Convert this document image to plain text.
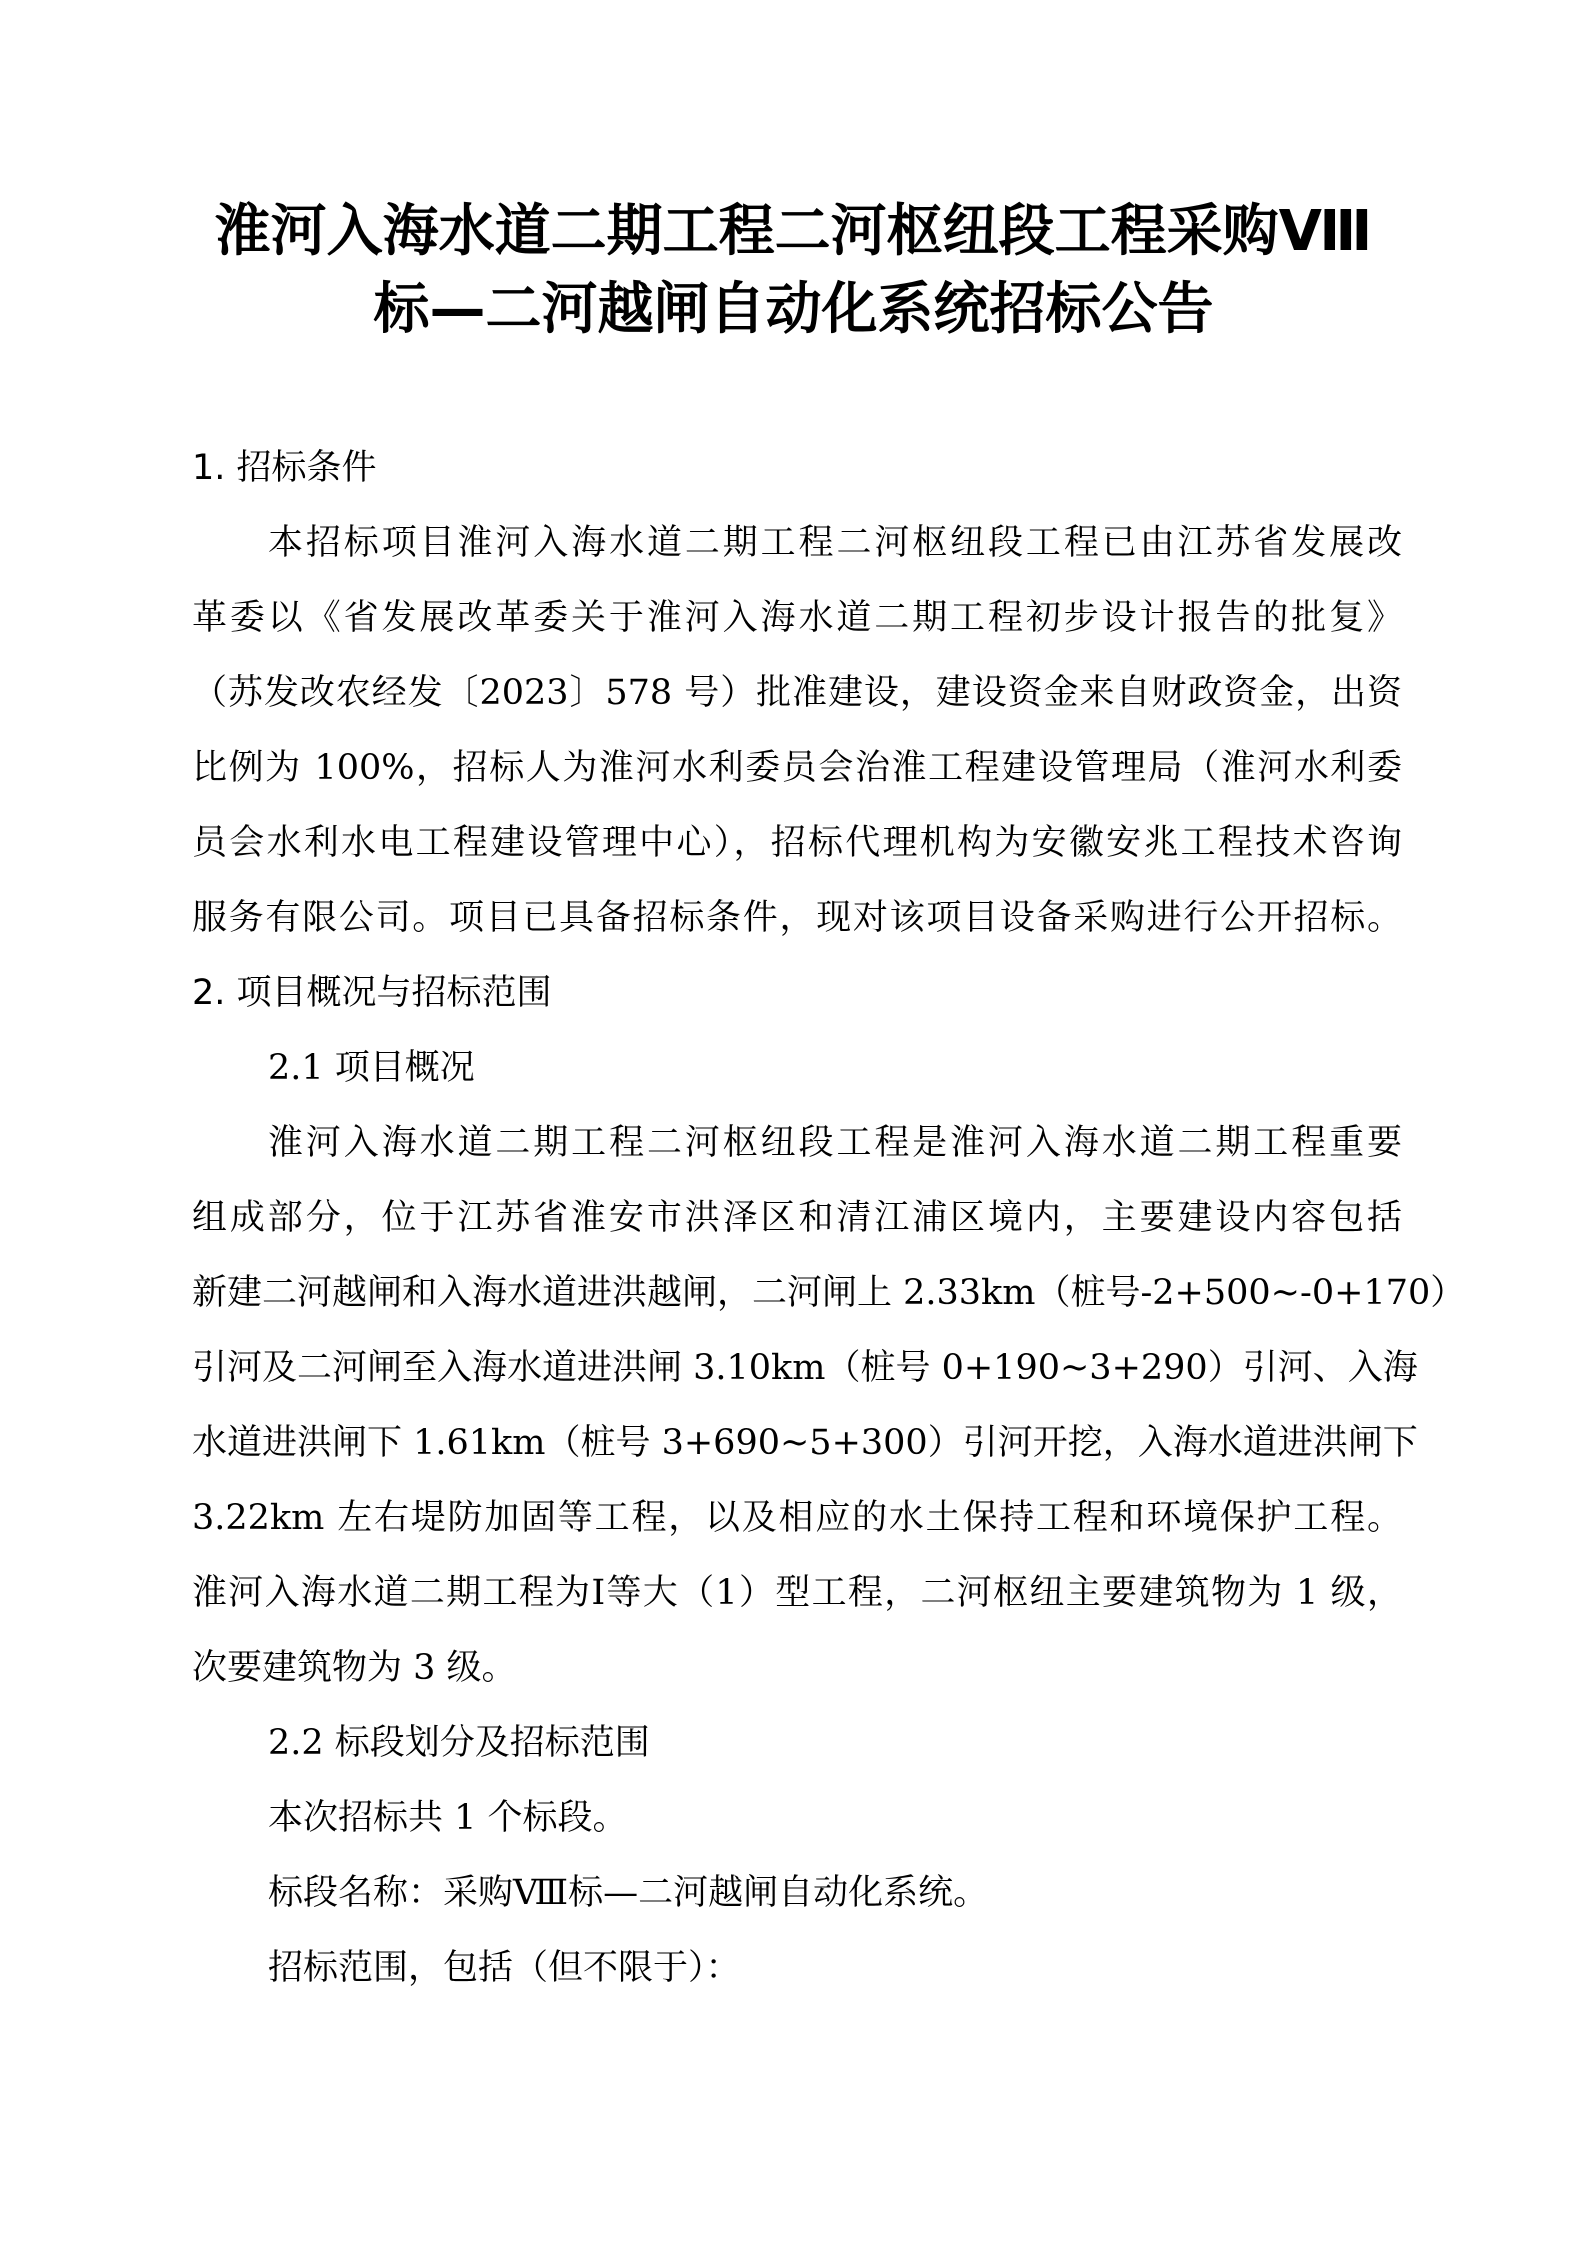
淮河入海水道二期工程二河枢纽段工程采购Ⅷ
标—二河越闸自动化系统招标公告
1. 招标条件
本招标项目淮河入海水道二期工程二河枢纽段工程已由江苏省发展改
革委以《省发展改革委关于淮河入海水道二期工程初步设计报告的批复》
（苏发改农经发〔2023〕578 号）批准建设，建设资金来自财政资金，出资
比例为 100%，招标人为淮河水利委员会治淮工程建设管理局（淮河水利委
员会水利水电工程建设管理中心），招标代理机构为安徽安兆工程技术咨询
服务有限公司。项目已具备招标条件，现对该项目设备采购进行公开招标。
2. 项目概况与招标范围
2.1 项目概况
淮河入海水道二期工程二河枢纽段工程是淮河入海水道二期工程重要
组成部分，位于江苏省淮安市洪泽区和清江浦区境内，主要建设内容包括
新建二河越闸和入海水道进洪越闸，二河闸上 2.33km（桩号-2+500~-0+170）
引河及二河闸至入海水道进洪闸 3.10km（桩号 0+190~3+290）引河、入海
水道进洪闸下 1.61km（桩号 3+690~5+300）引河开挖，入海水道进洪闸下
3.22km 左右堤防加固等工程，以及相应的水土保持工程和环境保护工程。
淮河入海水道二期工程为Ⅰ等大（1）型工程，二河枢纽主要建筑物为 1 级，
次要建筑物为 3 级。
2.2 标段划分及招标范围
本次招标共 1 个标段。
标段名称：采购Ⅷ标—二河越闸自动化系统。
招标范围，包括（但不限于）：
